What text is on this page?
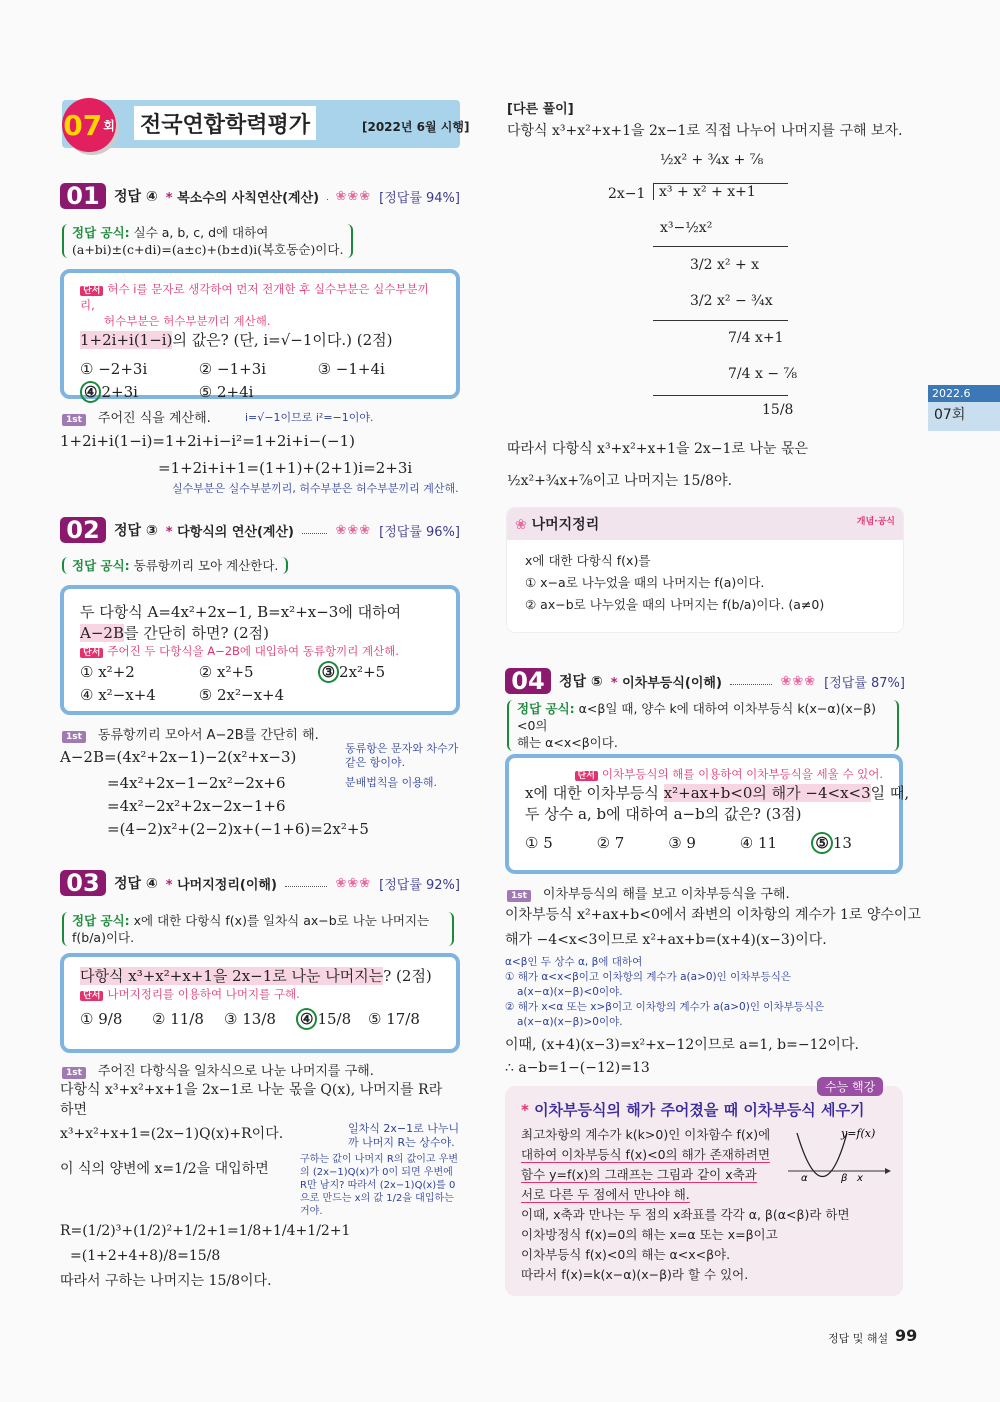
07 회 전국연합학력평가	[2022년 6월 시행]
2022.6
07회
01	정답 ④	* 복소수의 사칙연산(계산) ❀❀❀ [정답률 94%]
정답 공식: 실수 a, b, c, d에 대하여
(a+bi)±(c+di)=(a±c)+(b±d)i(복호동순)이다.
단서 허수 i를 문자로 생각하여 먼저 전개한 후 실수부분은 실수부분끼리,
허수부분은 허수부분끼리 계산해.
1+2i+i(1−i)의 값은? (단, i=√−1이다.) (2점)
① −2+3i	② −1+3i	③ −1+4i
④ 2+3i	⑤ 2+4i
1st 주어진 식을 계산해.	i=√−1이므로 i²=−1이야.
1+2i+i(1−i)=1+2i+i−i²=1+2i+i−(−1)
=1+2i+i+1=(1+1)+(2+1)i=2+3i
실수부분은 실수부분끼리, 허수부분은 허수부분끼리 계산해.
02	정답 ③	* 다항식의 연산(계산)	❀❀❀ [정답률 96%]
정답 공식: 동류항끼리 모아 계산한다.
두 다항식 A=4x²+2x−1, B=x²+x−3에 대하여
A−2B를 간단히 하면? (2점)
단서 주어진 두 다항식을 A−2B에 대입하여 동류항끼리 계산해.
① x²+2	② x²+5	③ 2x²+5
④ x²−x+4	⑤ 2x²−x+4
1st 동류항끼리 모아서 A−2B를 간단히 해.
A−2B=(4x²+2x−1)−2(x²+x−3)	동류항은 문자와 차수가 같은 항이야.
=4x²+2x−1−2x²−2x+6	분배법칙을 이용해.
=4x²−2x²+2x−2x−1+6
=(4−2)x²+(2−2)x+(−1+6)=2x²+5
03	정답 ④	* 나머지정리(이해)	❀❀❀ [정답률 92%]
정답 공식: x에 대한 다항식 f(x)를 일차식 ax−b로 나눈 나머지는 f(b/a)이다.
다항식 x³+x²+x+1을 2x−1로 나눈 나머지는? (2점)
단서 나머지정리를 이용하여 나머지를 구해.
① 9/8	② 11/8	③ 13/8	④ 15/8	⑤ 17/8
1st 주어진 다항식을 일차식으로 나눈 나머지를 구해.
다항식 x³+x²+x+1을 2x−1로 나눈 몫을 Q(x), 나머지를 R라 하면
x³+x²+x+1=(2x−1)Q(x)+R이다.	일차식 2x−1로 나누니까 나머지 R는 상수야.
이 식의 양변에 x=1/2을 대입하면
구하는 값이 나머지 R의 값이고 우변의 (2x−1)Q(x)가 0이 되면 우변에 R만 남지? 따라서 (2x−1)Q(x)를 0으로 만드는 x의 값 1/2을 대입하는 거야.
R=(1/2)³+(1/2)²+1/2+1=1/8+1/4+1/2+1
=(1+2+4+8)/8=15/8
따라서 구하는 나머지는 15/8이다.
[다른 풀이]
다항식 x³+x²+x+1을 2x−1로 직접 나누어 나머지를 구해 보자.
½x² + ¾x + ⅞
2x−1 x³ + x² + x+1
x³−½x²
3/2 x² + x
3/2 x² − ¾x
7/4 x+1
7/4 x − ⅞
15/8
따라서 다항식 x³+x²+x+1을 2x−1로 나눈 몫은
½x²+¾x+⅞이고 나머지는 15/8야.
❀ 나머지정리	개념·공식
x에 대한 다항식 f(x)를
① x−a로 나누었을 때의 나머지는 f(a)이다.
② ax−b로 나누었을 때의 나머지는 f(b/a)이다. (a≠0)
04	정답 ⑤	* 이차부등식(이해)	❀❀❀ [정답률 87%]
정답 공식: α<β일 때, 양수 k에 대하여 이차부등식 k(x−α)(x−β)<0의
해는 α<x<β이다.
단서 이차부등식의 해를 이용하여 이차부등식을 세울 수 있어.
x에 대한 이차부등식 x²+ax+b<0의 해가 −4<x<3일 때,
두 상수 a, b에 대하여 a−b의 값은? (3점)
① 5	② 7	③ 9	④ 11	⑤ 13
1st 이차부등식의 해를 보고 이차부등식을 구해.
이차부등식 x²+ax+b<0에서 좌변의 이차항의 계수가 1로 양수이고
해가 −4<x<3이므로 x²+ax+b=(x+4)(x−3)이다.
α<β인 두 상수 α, β에 대하여
① 해가 α<x<β이고 이차항의 계수가 a(a>0)인 이차부등식은
a(x−α)(x−β)<0이야.
② 해가 x<α 또는 x>β이고 이차항의 계수가 a(a>0)인 이차부등식은
a(x−α)(x−β)>0이야.
이때, (x+4)(x−3)=x²+x−12이므로 a=1, b=−12이다.
∴ a−b=1−(−12)=13
* 이차부등식의 해가 주어졌을 때 이차부등식 세우기
최고차항의 계수가 k(k>0)인 이차함수 f(x)에
대하여 이차부등식 f(x)<0의 해가 존재하려면
함수 y=f(x)의 그래프는 그림과 같이 x축과
서로 다른 두 점에서 만나야 해.
이때, x축과 만나는 두 점의 x좌표를 각각 α, β(α<β)라 하면
이차방정식 f(x)=0의 해는 x=α 또는 x=β이고
이차부등식 f(x)<0의 해는 α<x<β야.
따라서 f(x)=k(x−α)(x−β)라 할 수 있어.
수능 핵강
y=f(x)
α	β x
정답 및 해설 99
